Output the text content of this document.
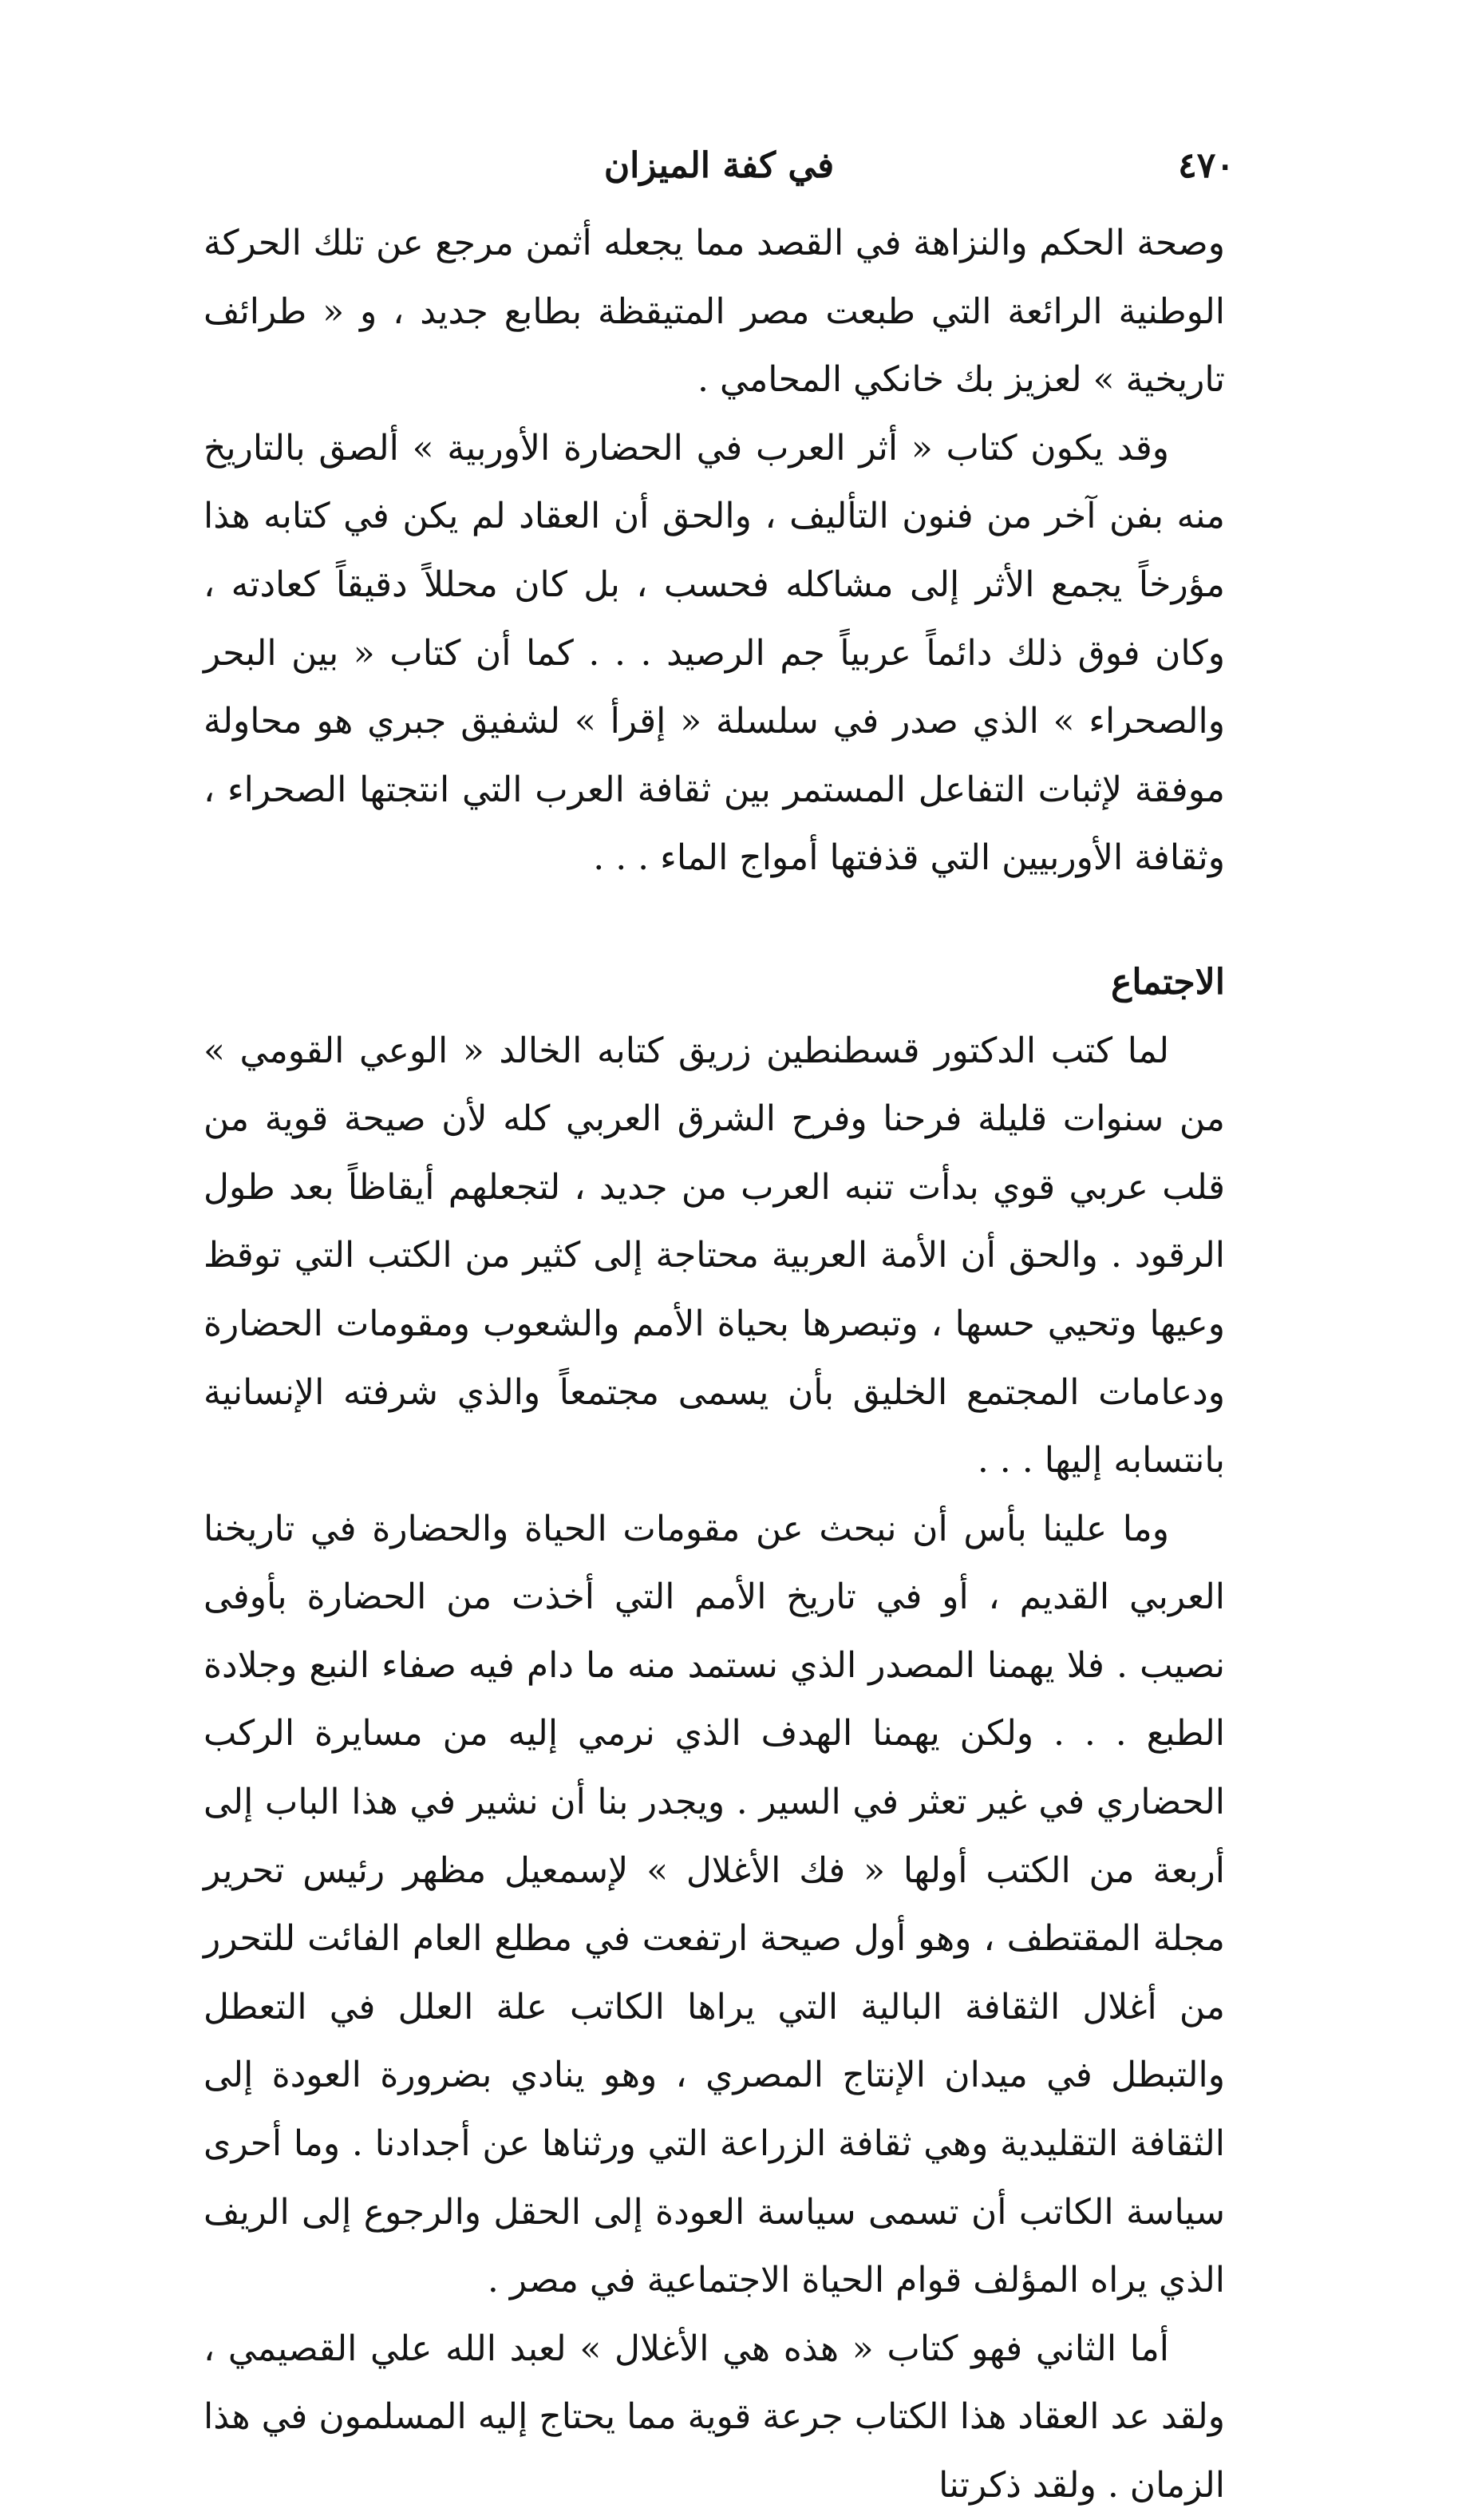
٤٧٠
في كفة الميزان

وصحة الحكم والنزاهة في القصد مما يجعله أثمن مرجع عن تلك الحركة الوطنية الرائعة التي طبعت مصر المتيقظة بطابع جديد ، و « طرائف تاريخية » لعزيز بك خانكي المحامي .

وقد يكون كتاب « أثر العرب في الحضارة الأوربية » ألصق بالتاريخ منه بفن آخر من فنون التأليف ، والحق أن العقاد لم يكن في كتابه هذا مؤرخاً يجمع الأثر إلى مشاكله فحسب ، بل كان محللاً دقيقاً كعادته ، وكان فوق ذلك دائماً عربياً جم الرصيد . . . كما أن كتاب « بين البحر والصحراء » الذي صدر في سلسلة « إقرأ » لشفيق جبري هو محاولة موفقة لإثبات التفاعل المستمر بين ثقافة العرب التي انتجتها الصحراء ، وثقافة الأوربيين التي قذفتها أمواج الماء . . .

الاجتماع

لما كتب الدكتور قسطنطين زريق كتابه الخالد « الوعي القومي » من سنوات قليلة فرحنا وفرح الشرق العربي كله لأن صيحة قوية من قلب عربي قوي بدأت تنبه العرب من جديد ، لتجعلهم أيقاظاً بعد طول الرقود . والحق أن الأمة العربية محتاجة إلى كثير من الكتب التي توقظ وعيها وتحيي حسها ، وتبصرها بحياة الأمم والشعوب ومقومات الحضارة ودعامات المجتمع الخليق بأن يسمى مجتمعاً والذي شرفته الإنسانية بانتسابه إليها . . .

وما علينا بأس أن نبحث عن مقومات الحياة والحضارة في تاريخنا العربي القديم ، أو في تاريخ الأمم التي أخذت من الحضارة بأوفى نصيب . فلا يهمنا المصدر الذي نستمد منه ما دام فيه صفاء النبع وجلادة الطبع . . . ولكن يهمنا الهدف الذي نرمي إليه من مسايرة الركب الحضاري في غير تعثر في السير . ويجدر بنا أن نشير في هذا الباب إلى أربعة من الكتب أولها « فك الأغلال » لإسمعيل مظهر رئيس تحرير مجلة المقتطف ، وهو أول صيحة ارتفعت في مطلع العام الفائت للتحرر من أغلال الثقافة البالية التي يراها الكاتب علة العلل في التعطل والتبطل في ميدان الإنتاج المصري ، وهو ينادي بضرورة العودة إلى الثقافة التقليدية وهي ثقافة الزراعة التي ورثناها عن أجدادنا . وما أحرى سياسة الكاتب أن تسمى سياسة العودة إلى الحقل والرجوع إلى الريف الذي يراه المؤلف قوام الحياة الاجتماعية في مصر .

أما الثاني فهو كتاب « هذه هي الأغلال » لعبد الله علي القصيمي ، ولقد عد العقاد هذا الكتاب جرعة قوية مما يحتاج إليه المسلمون في هذا الزمان . ولقد ذكرتنا
